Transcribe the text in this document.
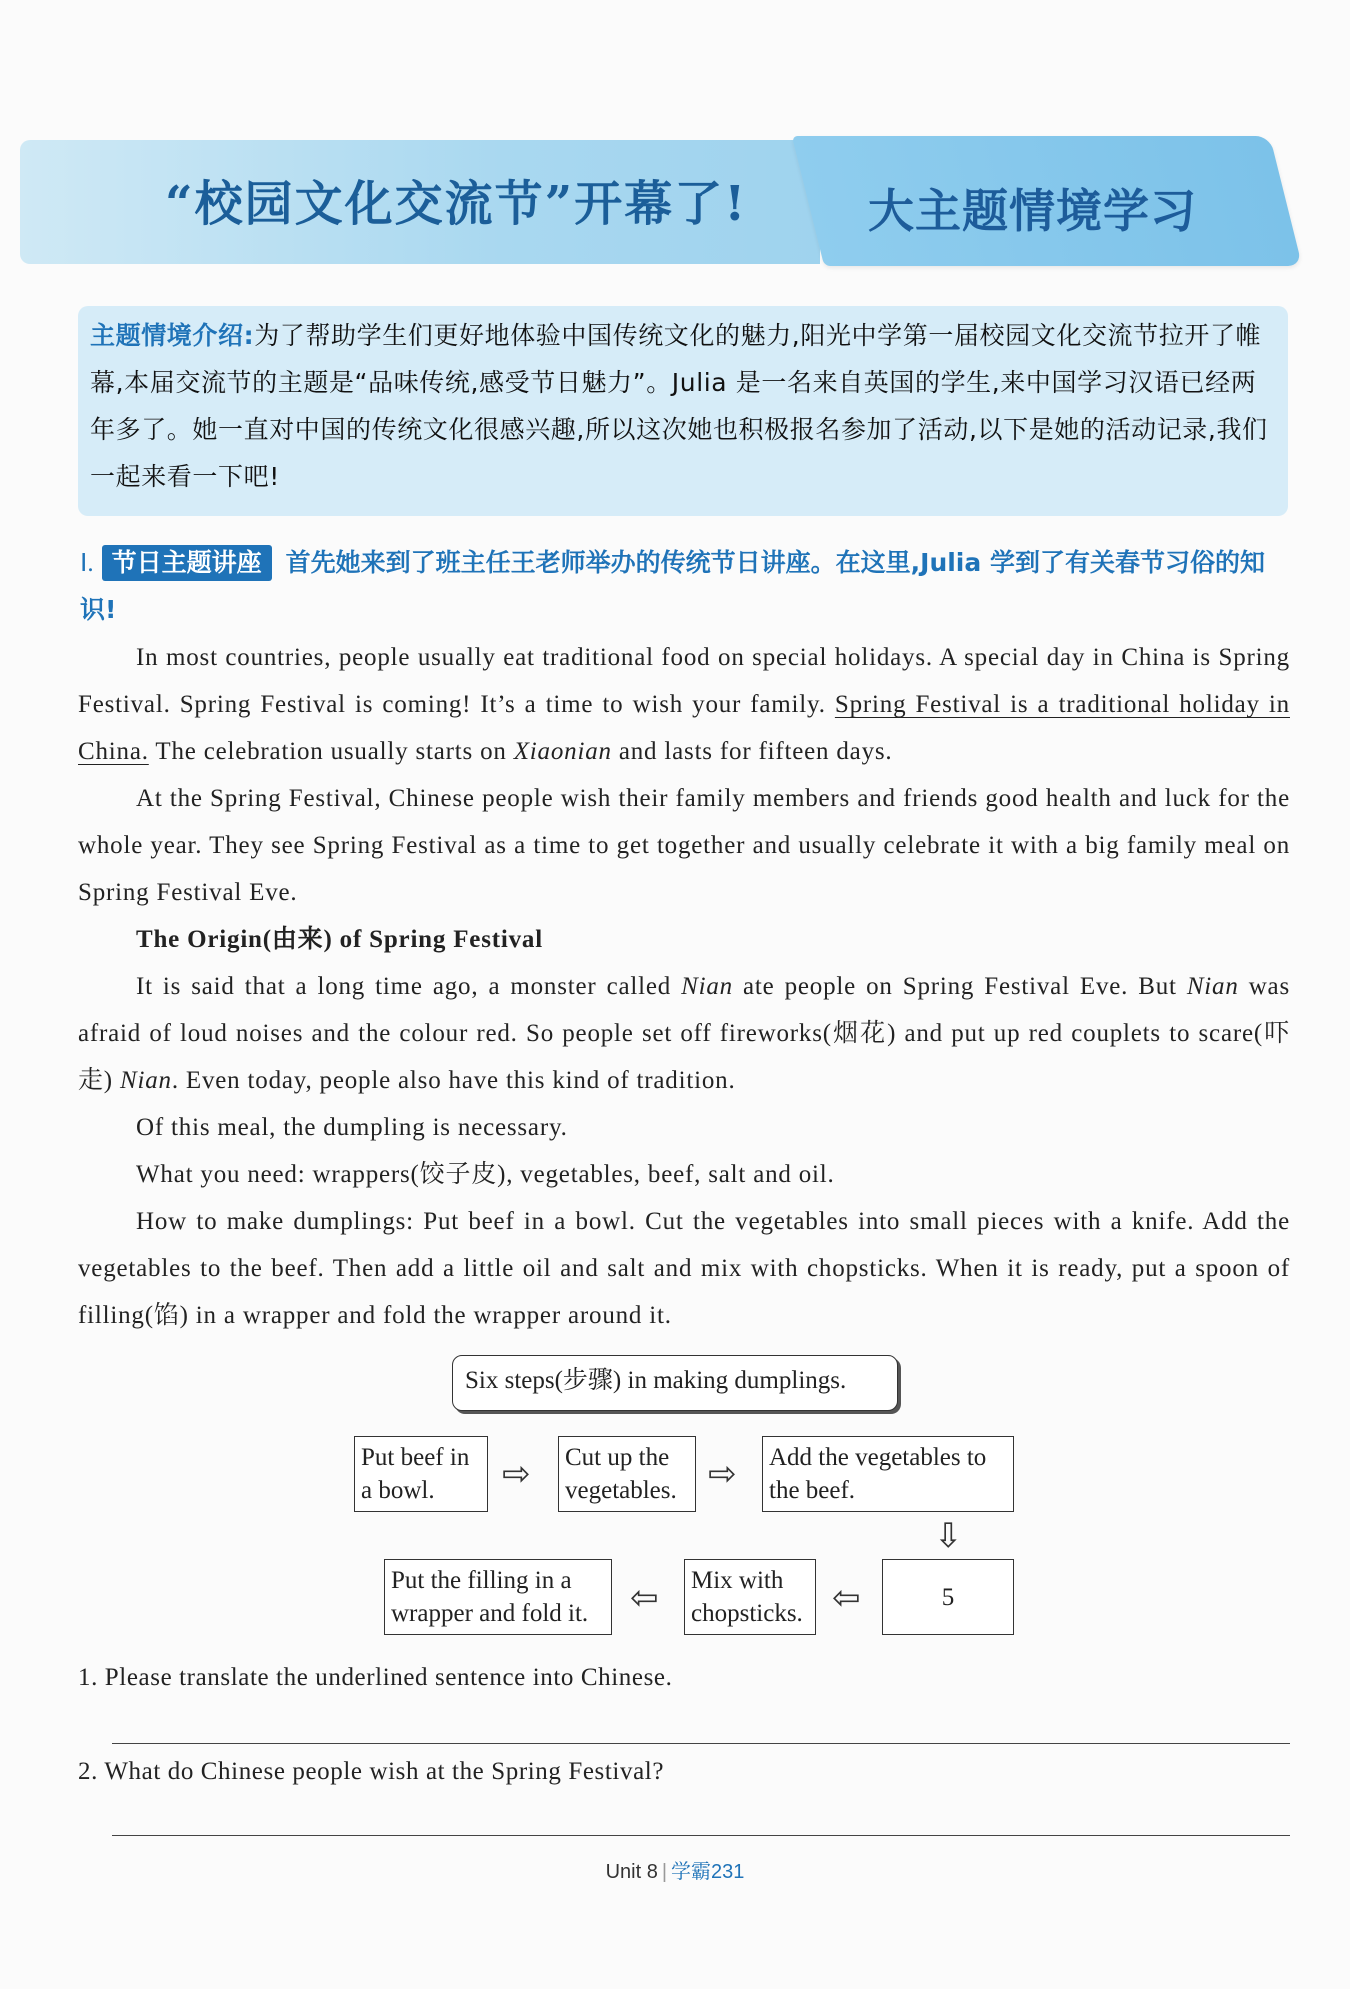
“校园文化交流节”开幕了!	大主题情境学习
主题情境介绍:为了帮助学生们更好地体验中国传统文化的魅力,阳光中学第一届校园文化交流节拉开了帷幕,本届交流节的主题是“品味传统,感受节日魅力”。Julia 是一名来自英国的学生,来中国学习汉语已经两年多了。她一直对中国的传统文化很感兴趣,所以这次她也积极报名参加了活动,以下是她的活动记录,我们一起来看一下吧!
Ⅰ. 节日主题讲座 首先她来到了班主任王老师举办的传统节日讲座。在这里,Julia 学到了有关春节习俗的知识!

In most countries, people usually eat traditional food on special holidays. A special day in China is Spring Festival. Spring Festival is coming! It’s a time to wish your family. Spring Festival is a traditional holiday in China. The celebration usually starts on Xiaonian and lasts for fifteen days.

At the Spring Festival, Chinese people wish their family members and friends good health and luck for the whole year. They see Spring Festival as a time to get together and usually celebrate it with a big family meal on Spring Festival Eve.

The Origin(由来) of Spring Festival

It is said that a long time ago, a monster called Nian ate people on Spring Festival Eve. But Nian was afraid of loud noises and the colour red. So people set off fireworks(烟花) and put up red couplets to scare(吓走) Nian. Even today, people also have this kind of tradition.

Of this meal, the dumpling is necessary.

What you need: wrappers(饺子皮), vegetables, beef, salt and oil.

How to make dumplings: Put beef in a bowl. Cut the vegetables into small pieces with a knife. Add the vegetables to the beef. Then add a little oil and salt and mix with chopsticks. When it is ready, put a spoon of filling(馅) in a wrapper and fold the wrapper around it.

Six steps(步骤) in making dumplings.
Put beef in a bowl.	⇨ Cut up the vegetables. ⇨ Add the vegetables to the beef.
⇩
Put the filling in a wrapper and fold it.	⇦ Mix with chopsticks. ⇦	5
1. Please translate the underlined sentence into Chinese.
2. What do Chinese people wish at the Spring Festival?
Unit 8 | 学霸231
